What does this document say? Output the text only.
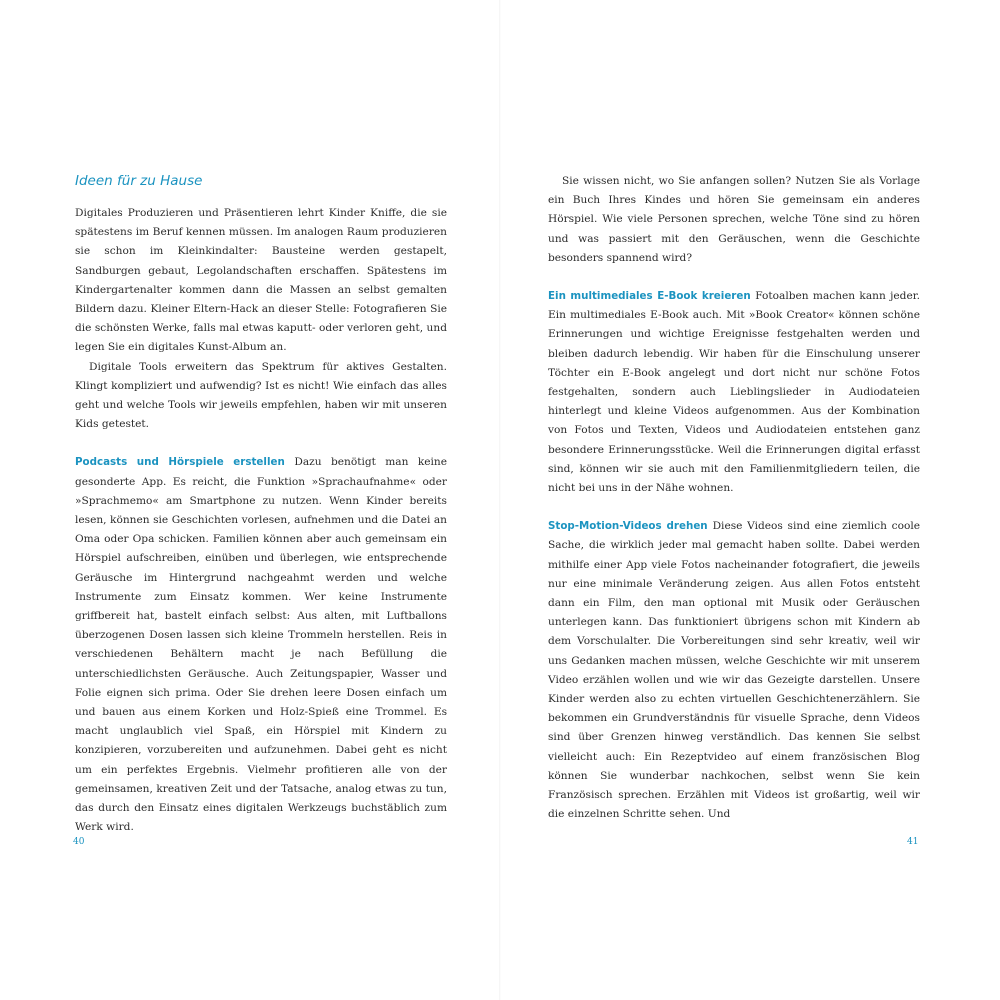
Ideen für zu Hause

Digitales Produzieren und Präsentieren lehrt Kinder Kniffe, die sie spätestens im Beruf kennen müssen. Im analogen Raum produzieren sie schon im Kleinkindalter: Bausteine werden gestapelt, Sandburgen gebaut, Legolandschaften erschaffen. Spätestens im Kindergartenalter kommen dann die Massen an selbst gemalten Bildern dazu. Kleiner Eltern-Hack an dieser Stelle: Fotografieren Sie die schönsten Werke, falls mal etwas kaputt- oder verloren geht, und legen Sie ein digitales Kunst-Album an.

Digitale Tools erweitern das Spektrum für aktives Gestalten. Klingt kompliziert und aufwendig? Ist es nicht! Wie einfach das alles geht und welche Tools wir jeweils empfehlen, haben wir mit unseren Kids getestet.

Podcasts und Hörspiele erstellen Dazu benötigt man keine gesonderte App. Es reicht, die Funktion »Sprachaufnahme« oder »Sprachmemo« am Smartphone zu nutzen. Wenn Kinder bereits lesen, können sie Geschichten vorlesen, aufnehmen und die Datei an Oma oder Opa schicken. Familien können aber auch gemeinsam ein Hörspiel aufschreiben, einüben und überlegen, wie entsprechende Geräusche im Hintergrund nachgeahmt werden und welche Instrumente zum Einsatz kommen. Wer keine Instrumente griffbereit hat, bastelt einfach selbst: Aus alten, mit Luftballons überzogenen Dosen lassen sich kleine Trommeln herstellen. Reis in verschiedenen Behältern macht je nach Befüllung die unterschiedlichsten Geräusche. Auch Zeitungspapier, Wasser und Folie eignen sich prima. Oder Sie drehen leere Dosen einfach um und bauen aus einem Korken und Holz-Spieß eine Trommel. Es macht unglaublich viel Spaß, ein Hörspiel mit Kindern zu konzipieren, vorzubereiten und aufzunehmen. Dabei geht es nicht um ein perfektes Ergebnis. Vielmehr profitieren alle von der gemeinsamen, kreativen Zeit und der Tatsache, analog etwas zu tun, das durch den Einsatz eines digitalen Werkzeugs buchstäblich zum Werk wird.

40

Sie wissen nicht, wo Sie anfangen sollen? Nutzen Sie als Vorlage ein Buch Ihres Kindes und hören Sie gemeinsam ein anderes Hörspiel. Wie viele Personen sprechen, welche Töne sind zu hören und was passiert mit den Geräuschen, wenn die Geschichte besonders spannend wird?

Ein multimediales E-Book kreieren Fotoalben machen kann jeder. Ein multimediales E-Book auch. Mit »Book Creator« können schöne Erinnerungen und wichtige Ereignisse festgehalten werden und bleiben dadurch lebendig. Wir haben für die Einschulung unserer Töchter ein E-Book angelegt und dort nicht nur schöne Fotos festgehalten, sondern auch Lieblingslieder in Audiodateien hinterlegt und kleine Videos aufgenommen. Aus der Kombination von Fotos und Texten, Videos und Audiodateien entstehen ganz besondere Erinnerungsstücke. Weil die Erinnerungen digital erfasst sind, können wir sie auch mit den Familienmitgliedern teilen, die nicht bei uns in der Nähe wohnen.

Stop-Motion-Videos drehen Diese Videos sind eine ziemlich coole Sache, die wirklich jeder mal gemacht haben sollte. Dabei werden mithilfe einer App viele Fotos nacheinander fotografiert, die jeweils nur eine minimale Veränderung zeigen. Aus allen Fotos entsteht dann ein Film, den man optional mit Musik oder Geräuschen unterlegen kann. Das funktioniert übrigens schon mit Kindern ab dem Vorschulalter. Die Vorbereitungen sind sehr kreativ, weil wir uns Gedanken machen müssen, welche Geschichte wir mit unserem Video erzählen wollen und wie wir das Gezeigte darstellen. Unsere Kinder werden also zu echten virtuellen Geschichtenerzählern. Sie bekommen ein Grundverständnis für visuelle Sprache, denn Videos sind über Grenzen hinweg verständlich. Das kennen Sie selbst vielleicht auch: Ein Rezeptvideo auf einem französischen Blog können Sie wunderbar nachkochen, selbst wenn Sie kein Französisch sprechen. Erzählen mit Videos ist großartig, weil wir die einzelnen Schritte sehen. Und

41
